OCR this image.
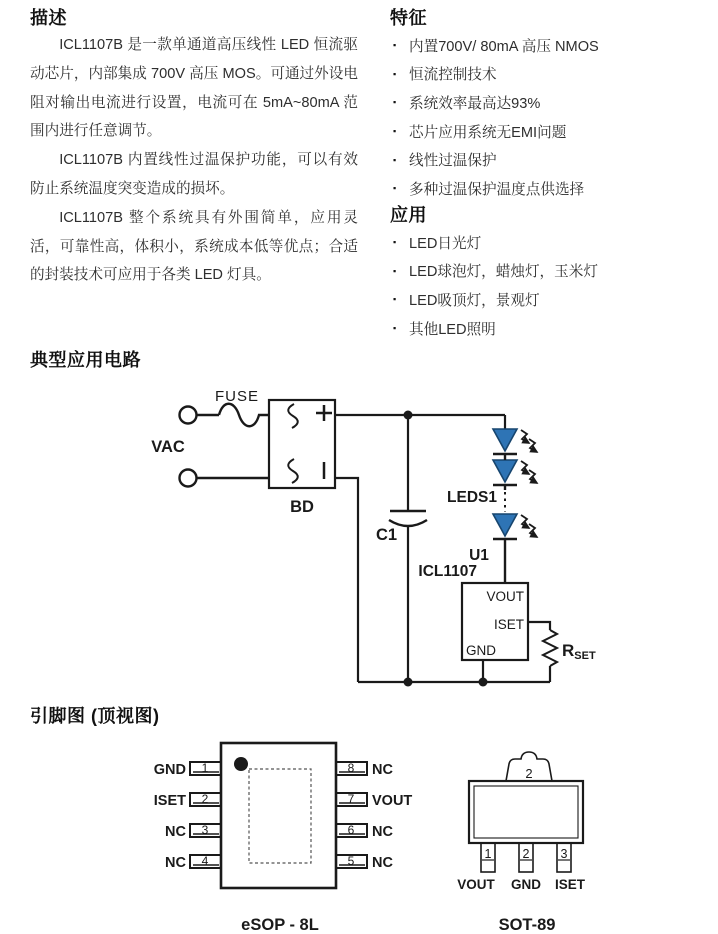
描述

ICL1107B 是一款单通道高压线性 LED 恒流驱动芯片，内部集成 700V 高压 MOS。可通过外设电阻对输出电流进行设置，电流可在 5mA~80mA 范围内进行任意调节。

ICL1107B 内置线性过温保护功能，可以有效防止系统温度突变造成的损坏。

ICL1107B 整个系统具有外围简单，应用灵活，可靠性高，体积小，系统成本低等优点；合适的封装技术可应用于各类 LED 灯具。

特征
▪ 内置700V/ 80mA 高压 NMOS
▪ 恒流控制技术
▪ 系统效率最高达93%
▪ 芯片应用系统无EMI问题
▪ 线性过温保护
▪ 多种过温保护温度点供选择
应用
▪ LED日光灯
▪ LED球泡灯，蜡烛灯，玉米灯
▪ LED吸顶灯，景观灯
▪ 其他LED照明
典型应用电路
FUSE
VAC
BD
C1
LEDS1
U1
ICL1107
VOUT
ISET
GND	RSET
引脚图 (顶视图)
1
2
3
4
GND
ISET
NC
NC
8
7
6
5
NC
VOUT
NC
NC
eSOP - 8L
2
1 2 3
VOUT GND ISET
SOT-89
